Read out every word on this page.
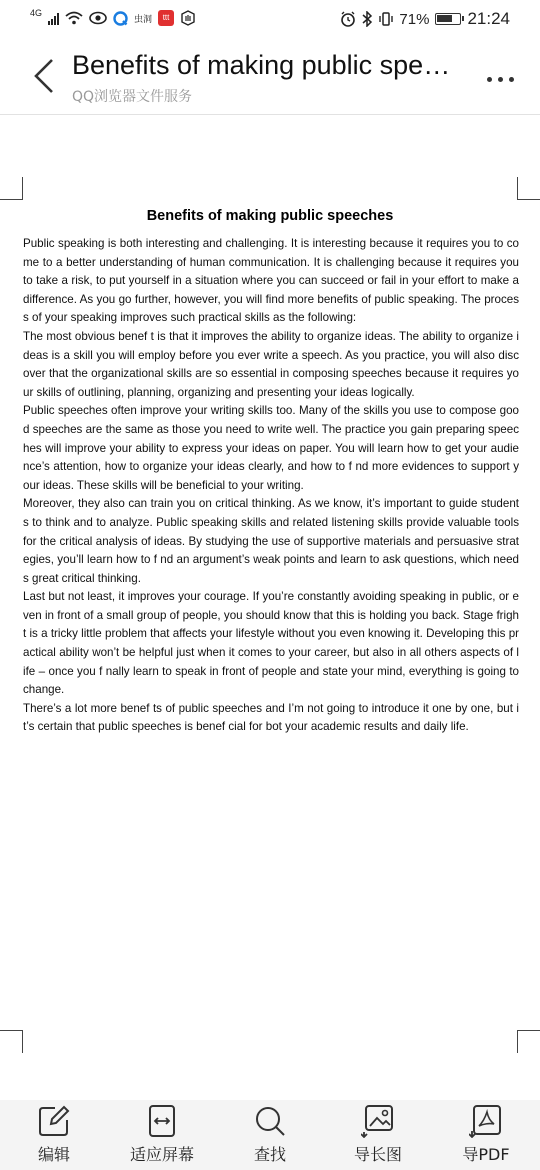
4G
虫洞	ttt	71% 21:24
Benefits of making public spe…
QQ浏览器文件服务
Benefits of making public speeches

Public speaking is both interesting and challenging. It is interesting because it requires you to come to a better understanding of human communication. It is challenging because it requires you to take a risk, to put yourself in a situation where you can succeed or fail in your effort to make a difference. As you go further, however, you will find more benefits of public speaking. The process of your speaking improves such practical skills as the following:

The most obvious benef t is that it improves the ability to organize ideas. The ability to organize ideas is a skill you will employ before you ever write a speech. As you practice, you will also discover that the organizational skills are so essential in composing speeches because it requires your skills of outlining, planning, organizing and presenting your ideas logically.

Public speeches often improve your writing skills too. Many of the skills you use to compose good speeches are the same as those you need to write well. The practice you gain preparing speeches will improve your ability to express your ideas on paper. You will learn how to get your audience’s attention, how to organize your ideas clearly, and how to f nd more evidences to support your ideas. These skills will be beneficial to your writing.

Moreover, they also can train you on critical thinking. As we know, it’s important to guide students to think and to analyze. Public speaking skills and related listening skills provide valuable tools for the critical analysis of ideas. By studying the use of supportive materials and persuasive strategies, you’ll learn how to f nd an argument’s weak points and learn to ask questions, which needs great critical thinking.

Last but not least, it improves your courage. If you’re constantly avoiding speaking in public, or even in front of a small group of people, you should know that this is holding you back. Stage fright is a tricky little problem that affects your lifestyle without you even knowing it. Developing this practical ability won’t be helpful just when it comes to your career, but also in all others aspects of life – once you f nally learn to speak in front of people and state your mind, everything is going to change.

There’s a lot more benef ts of public speeches and I’m not going to introduce it one by one, but it’s certain that public speeches is benef cial for bot your academic results and daily life.

编辑	适应屏幕	查找	导长图	导PDF
